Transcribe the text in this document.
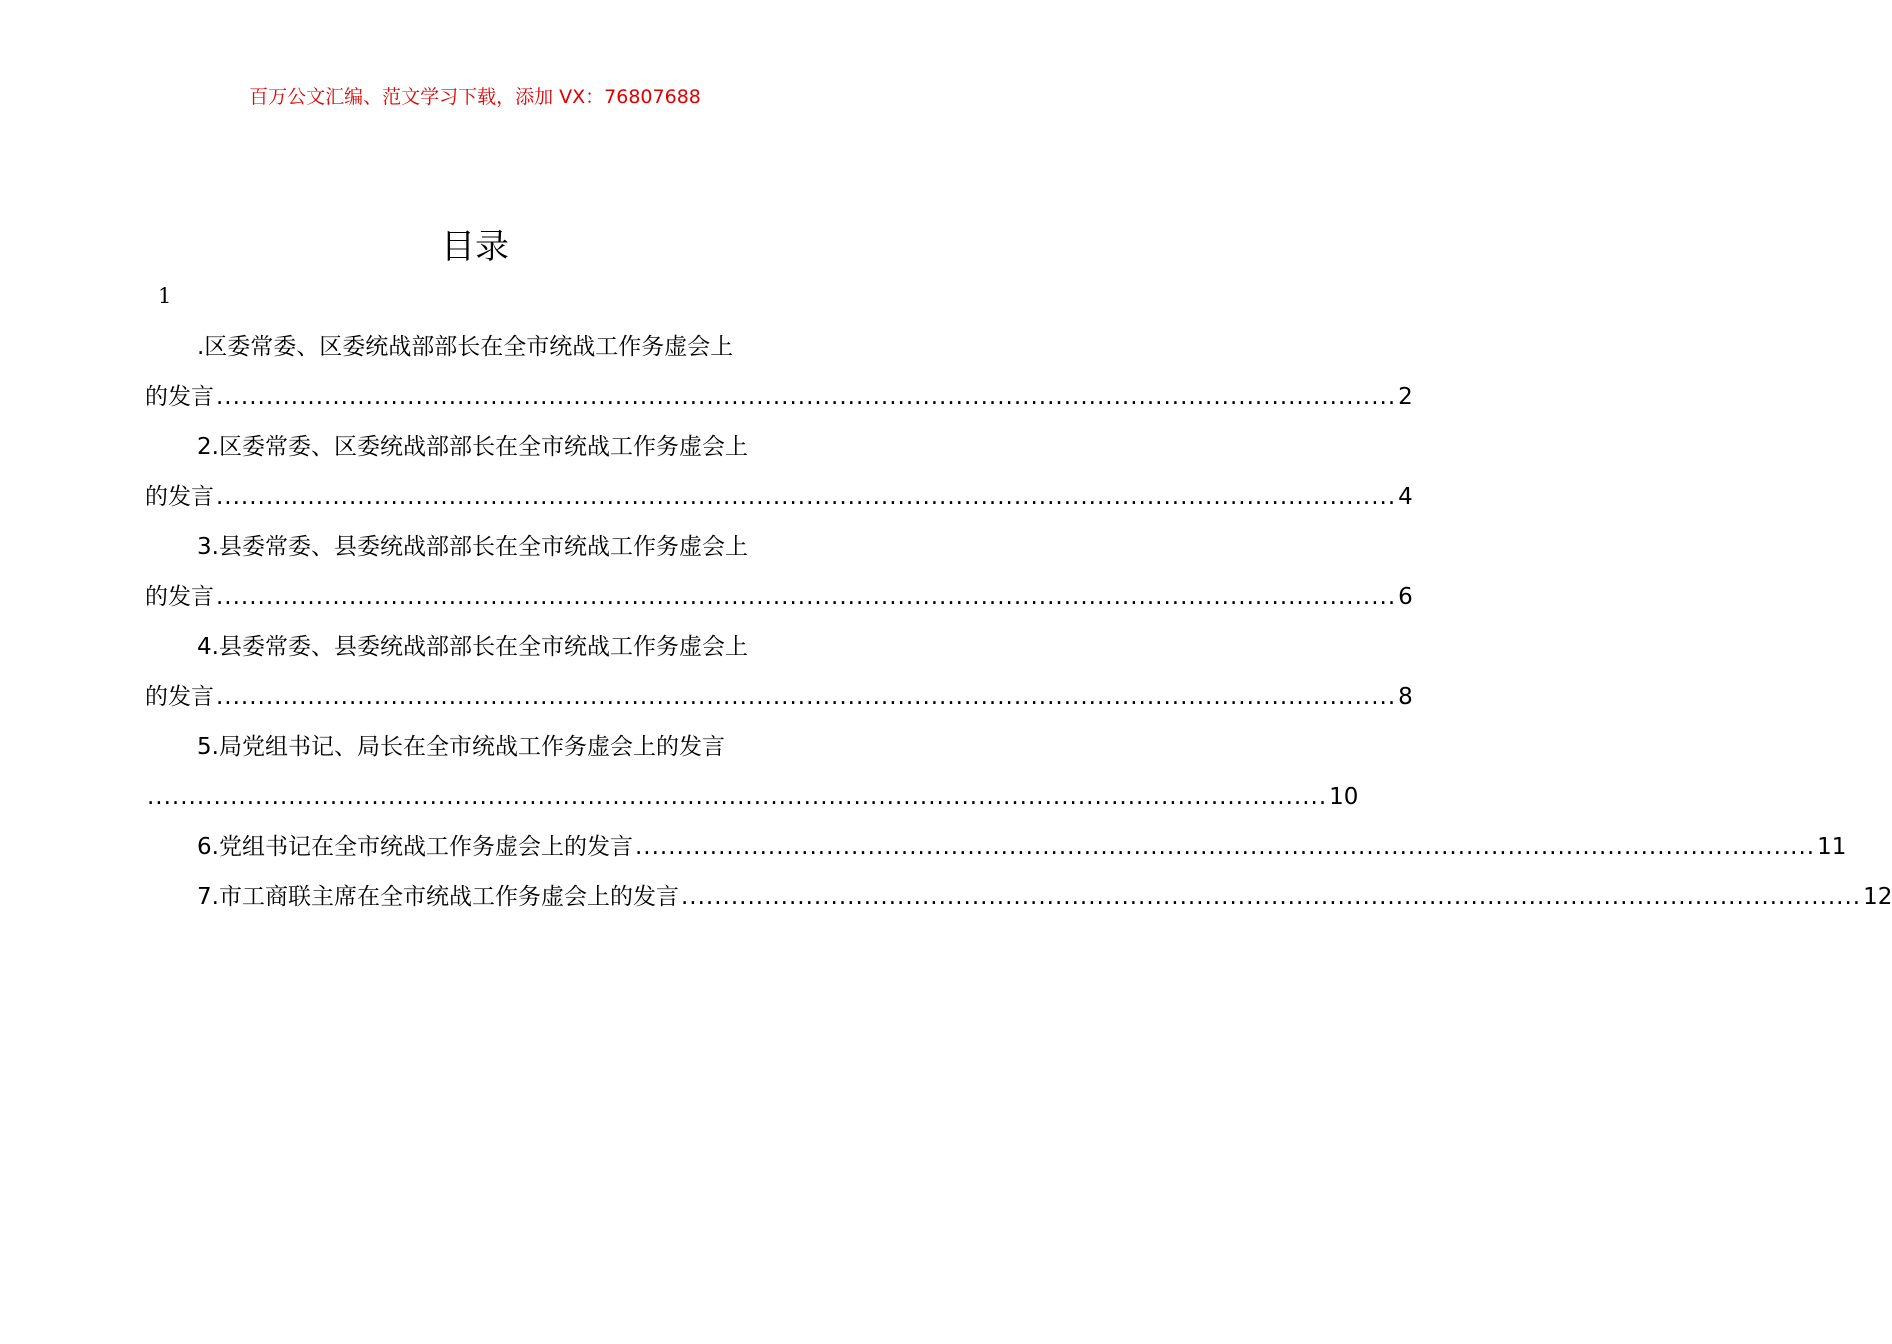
百万公文汇编、范文学习下载，添加 VX：76807688
目录
1
.区委常委、区委统战部部长在全市统战工作务虚会上
的发言 .............................................................................................................................................. 2
2.区委常委、区委统战部部长在全市统战工作务虚会上
的发言 .............................................................................................................................................. 4
3.县委常委、县委统战部部长在全市统战工作务虚会上
的发言 .............................................................................................................................................. 6
4.县委常委、县委统战部部长在全市统战工作务虚会上
的发言 .............................................................................................................................................. 8
5.局党组书记、局长在全市统战工作务虚会上的发言
.............................................................................................................................................. 10
6.党组书记在全市统战工作务虚会上的发言 .............................................................................................................................................. 11
7.市工商联主席在全市统战工作务虚会上的发言 .............................................................................................................................................. 12
